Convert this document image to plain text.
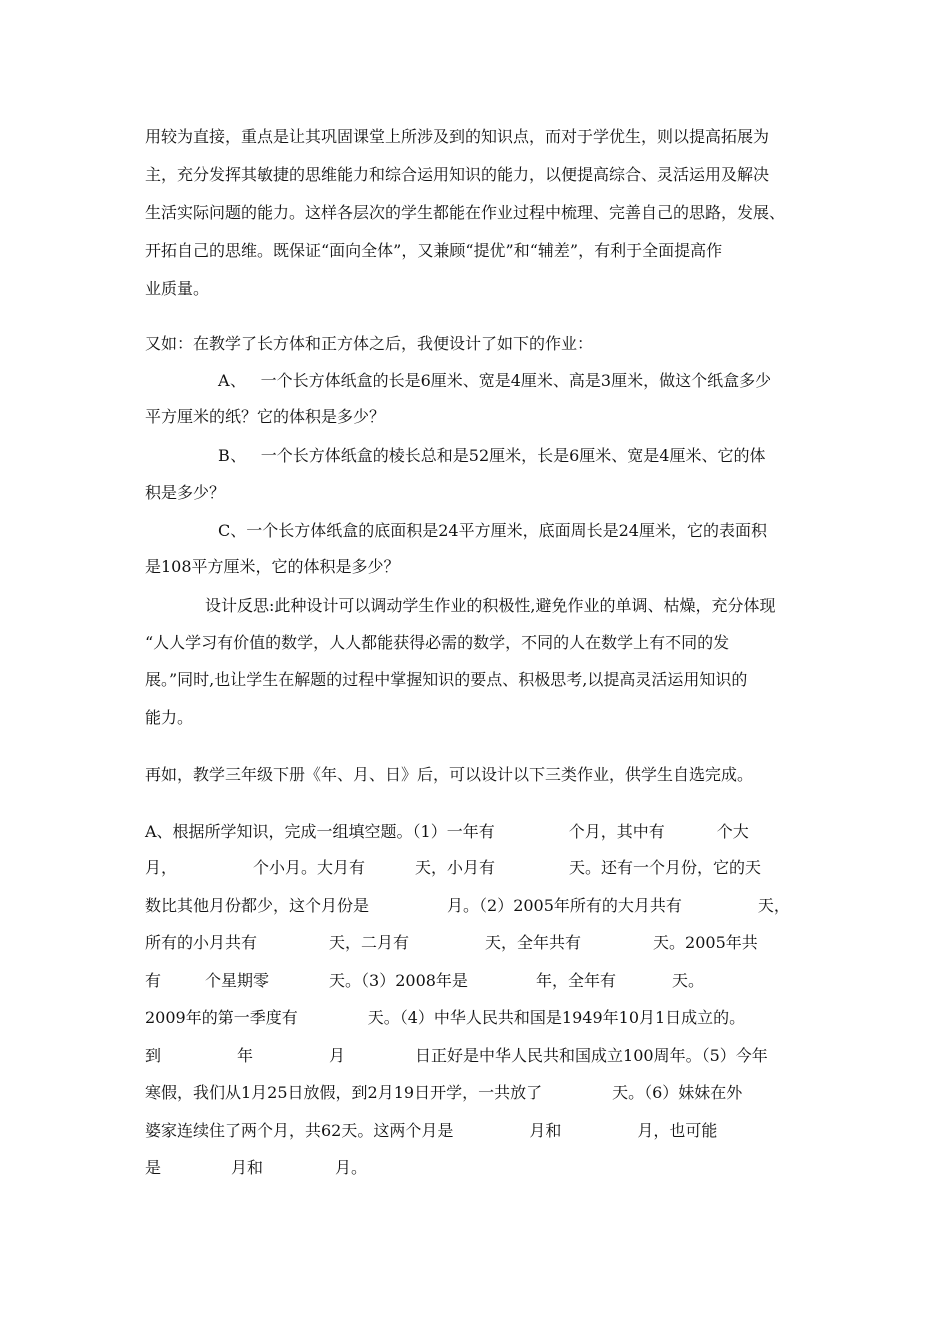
用较为直接，重点是让其巩固课堂上所涉及到的知识点，而对于学优生，则以提高拓展为
主，充分发挥其敏捷的思维能力和综合运用知识的能力，以便提高综合、灵活运用及解决
生活实际问题的能力。这样各层次的学生都能在作业过程中梳理、完善自己的思路，发展、
开拓自己的思维。既保证“面向全体”，又兼顾“提优”和“辅差”，有利于全面提高作
业质量。
又如：在教学了长方体和正方体之后，我便设计了如下的作业：
A、 一个长方体纸盒的长是6厘米、宽是4厘米、高是3厘米，做这个纸盒多少
平方厘米的纸？它的体积是多少？
B、 一个长方体纸盒的棱长总和是52厘米，长是6厘米、宽是4厘米、它的体
积是多少？
C、一个长方体纸盒的底面积是24平方厘米，底面周长是24厘米，它的表面积
是108平方厘米，它的体积是多少？
设计反思:此种设计可以调动学生作业的积极性,避免作业的单调、枯燥，充分体现
“人人学习有价值的数学，人人都能获得必需的数学，不同的人在数学上有不同的发
展。”同时,也让学生在解题的过程中掌握知识的要点、积极思考,以提高灵活运用知识的
能力。
再如，教学三年级下册《年、月、日》后，可以设计以下三类作业，供学生自选完成。
A、根据所学知识，完成一组填空题。（1）一年有	个月，其中有	个大
月，	个小月。大月有	天，小月有	天。还有一个月份，它的天
数比其他月份都少，这个月份是	月。（2）2005年所有的大月共有	天，
所有的小月共有	天，二月有	天，全年共有	天。2005年共
有	个星期零	天。（3）2008年是	年，全年有	天。
2009年的第一季度有	天。（4）中华人民共和国是1949年10月1日成立的。
到	年	月	日正好是中华人民共和国成立100周年。（5）今年
寒假，我们从1月25日放假，到2月19日开学，一共放了	天。（6）妹妹在外
婆家连续住了两个月，共62天。这两个月是	月和	月，也可能
是	月和	月。
